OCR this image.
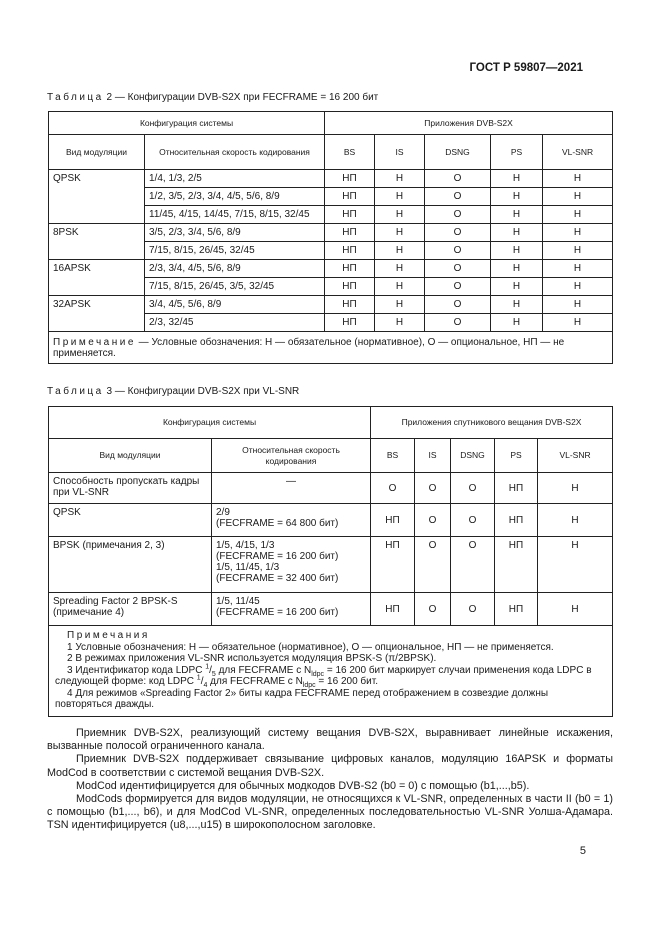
ГОСТ Р 59807—2021
Таблица 2 — Конфигурации DVB-S2X при FECFRAME = 16 200 бит
Конфигурация системы		Приложения DVB-S2X				
Вид модуляции	Относительная скорость кодирования	BS	IS	DSNG	PS	VL-SNR
QPSK	1/4, 1/3, 2/5	НП	Н	О	Н	Н
	1/2, 3/5, 2/3, 3/4, 4/5, 5/6, 8/9	НП	Н	О	Н	Н
	11/45, 4/15, 14/45, 7/15, 8/15, 32/45	НП	Н	О	Н	Н
8PSK	3/5, 2/3, 3/4, 5/6, 8/9	НП	Н	О	Н	Н
	7/15, 8/15, 26/45, 32/45	НП	Н	О	Н	Н
16APSK	2/3, 3/4, 4/5, 5/6, 8/9	НП	Н	О	Н	Н
	7/15, 8/15, 26/45, 3/5, 32/45	НП	Н	О	Н	Н
32APSK	3/4, 4/5, 5/6, 8/9	НП	Н	О	Н	Н
	2/3, 32/45	НП	Н	О	Н	Н
Примечание — Условные обозначения: Н — обязательное (нормативное), О — опциональное, НП — не применяется.						
Таблица 3 — Конфигурации DVB-S2X при VL-SNR
Конфигурация системы		Приложения спутникового вещания DVB-S2X				
Вид модуляции	Относительная скорость кодирования	BS	IS	DSNG	PS	VL-SNR
Способность пропускать кадры при VL-SNR	—	О	О	О	НП	Н
QPSK	2/9
(FECFRAME = 64 800 бит)	НП	О	О	НП	Н
BPSK (примечания 2, 3)	1/5, 4/15, 1/3
(FECFRAME = 16 200 бит)
1/5, 11/45, 1/3
(FECFRAME = 32 400 бит)	НП	О	О	НП	Н
Spreading Factor 2 BPSK-S (примечание 4)	1/5, 11/45
(FECFRAME = 16 200 бит)	НП	О	О	НП	Н

Примечания
1 Условные обозначения: Н — обязательное (нормативное), О — опциональное, НП — не применяется.
2 В режимах приложения VL-SNR используется модуляция BPSK-S (π/2BPSK).
3 Идентификатор кода LDPC $^1/_5$ для FECFRAME с $N_{ldpc} = 16$ 200 бит маркирует случаи применения кода LDPC в следующей форме: код LDPC $^1/_4$ для FECFRAME с $N_{ldpc} = 16$ 200 бит.
4 Для режимов «Spreading Factor 2» биты кадра FECFRAME перед отображением в созвездие должны повторяться дважды.						

Приемник DVB-S2X, реализующий систему вещания DVB-S2X, выравнивает линейные искажения, вызванные полосой ограниченного канала.

Приемник DVB-S2X поддерживает связывание цифровых каналов, модуляцию 16APSK и форматы ModCod в соответствии с системой вещания DVB-S2X.

ModCod идентифицируется для обычных модкодов DVB-S2 (b0 = 0) с помощью (b1,...,b5).

ModCods формируется для видов модуляции, не относящихся к VL-SNR, определенных в части II (b0 = 1) с помощью (b1,..., b6), и для ModCod VL-SNR, определенных последовательностью VL-SNR Уолша-Адамара. TSN идентифицируется (u8,...,u15) в широкополосном заголовке.

5
